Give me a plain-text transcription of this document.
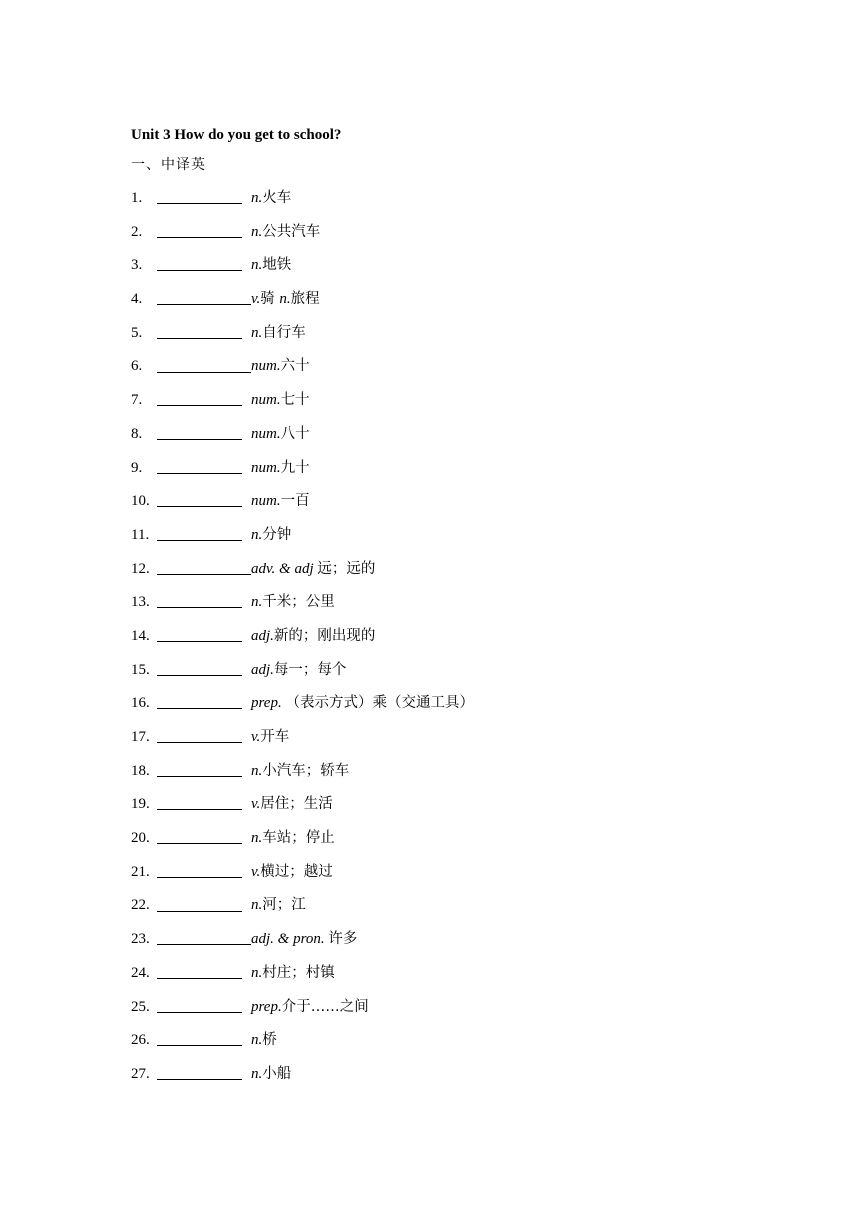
Unit 3 How do you get to school?
一、中译英
1.	n.火车
2.	n.公共汽车
3.	n.地铁
4.	v.骑 n.旅程
5.	n.自行车
6.	num.六十
7.	num.七十
8.	num.八十
9.	num.九十
10.	num.一百
11.	n.分钟
12.	adv. & adj 远；远的
13.	n.千米；公里
14.	adj.新的；刚出现的
15.	adj.每一；每个
16.	prep. （表示方式）乘（交通工具）
17.	v.开车
18.	n.小汽车；轿车
19.	v.居住；生活
20.	n.车站；停止
21.	v.横过；越过
22.	n.河；江
23.	adj. & pron. 许多
24.	n.村庄；村镇
25.	prep.介于……之间
26.	n.桥
27.	n.小船
